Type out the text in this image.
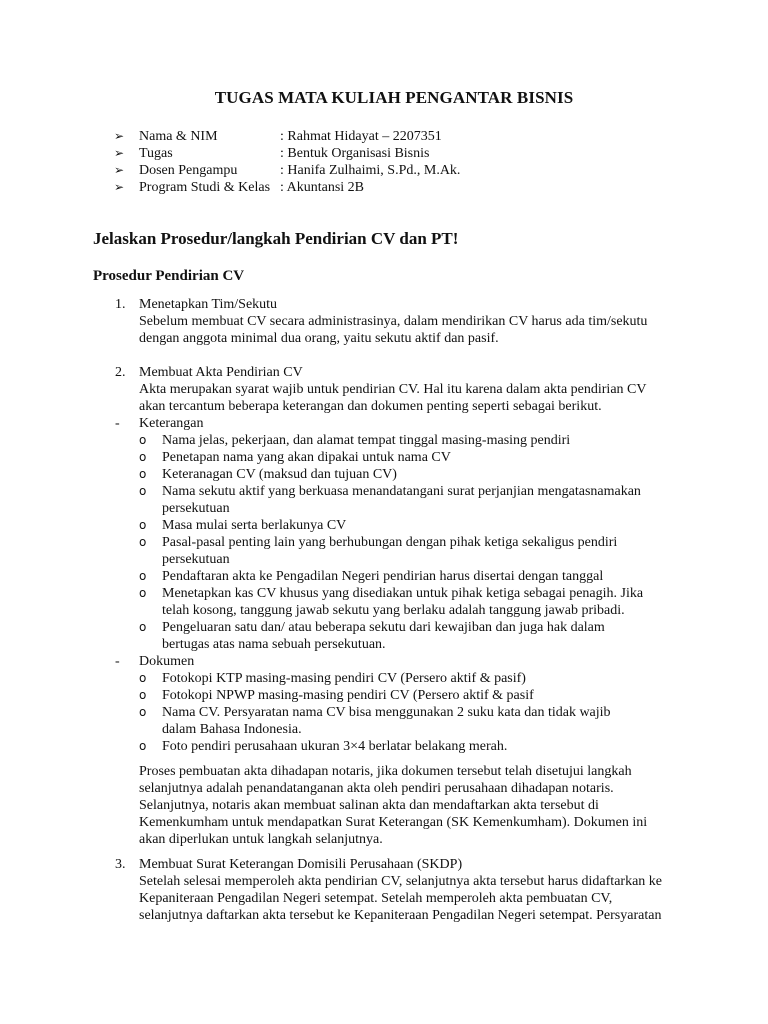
TUGAS MATA KULIAH PENGANTAR BISNIS
➢	Nama & NIM	: Rahmat Hidayat – 2207351
➢	Tugas	: Bentuk Organisasi Bisnis
➢	Dosen Pengampu	: Hanifa Zulhaimi, S.Pd., M.Ak.
➢	Program Studi & Kelas : Akuntansi 2B
Jelaskan Prosedur/langkah Pendirian CV dan PT!
Prosedur Pendirian CV
1. Menetapkan Tim/Sekutu
Sebelum membuat CV secara administrasinya, dalam mendirikan CV harus ada tim/sekutu
dengan anggota minimal dua orang, yaitu sekutu aktif dan pasif.
2. Membuat Akta Pendirian CV
Akta merupakan syarat wajib untuk pendirian CV. Hal itu karena dalam akta pendirian CV
akan tercantum beberapa keterangan dan dokumen penting seperti sebagai berikut.
- Keterangan
o Nama jelas, pekerjaan, dan alamat tempat tinggal masing-masing pendiri
o Penetapan nama yang akan dipakai untuk nama CV
o Keteranagan CV (maksud dan tujuan CV)
o Nama sekutu aktif yang berkuasa menandatangani surat perjanjian mengatasnamakan
persekutuan
o Masa mulai serta berlakunya CV
o Pasal-pasal penting lain yang berhubungan dengan pihak ketiga sekaligus pendiri
persekutuan
o Pendaftaran akta ke Pengadilan Negeri pendirian harus disertai dengan tanggal
o Menetapkan kas CV khusus yang disediakan untuk pihak ketiga sebagai penagih. Jika
telah kosong, tanggung jawab sekutu yang berlaku adalah tanggung jawab pribadi.
o Pengeluaran satu dan/ atau beberapa sekutu dari kewajiban dan juga hak dalam
bertugas atas nama sebuah persekutuan.
- Dokumen
o Fotokopi KTP masing-masing pendiri CV (Persero aktif & pasif)
o Fotokopi NPWP masing-masing pendiri CV (Persero aktif & pasif
o Nama CV. Persyaratan nama CV bisa menggunakan 2 suku kata dan tidak wajib
dalam Bahasa Indonesia.
o Foto pendiri perusahaan ukuran 3×4 berlatar belakang merah.
Proses pembuatan akta dihadapan notaris, jika dokumen tersebut telah disetujui langkah
selanjutnya adalah penandatanganan akta oleh pendiri perusahaan dihadapan notaris.
Selanjutnya, notaris akan membuat salinan akta dan mendaftarkan akta tersebut di
Kemenkumham untuk mendapatkan Surat Keterangan (SK Kemenkumham). Dokumen ini
akan diperlukan untuk langkah selanjutnya.
3. Membuat Surat Keterangan Domisili Perusahaan (SKDP)
Setelah selesai memperoleh akta pendirian CV, selanjutnya akta tersebut harus didaftarkan ke
Kepaniteraan Pengadilan Negeri setempat. Setelah memperoleh akta pembuatan CV,
selanjutnya daftarkan akta tersebut ke Kepaniteraan Pengadilan Negeri setempat. Persyaratan
